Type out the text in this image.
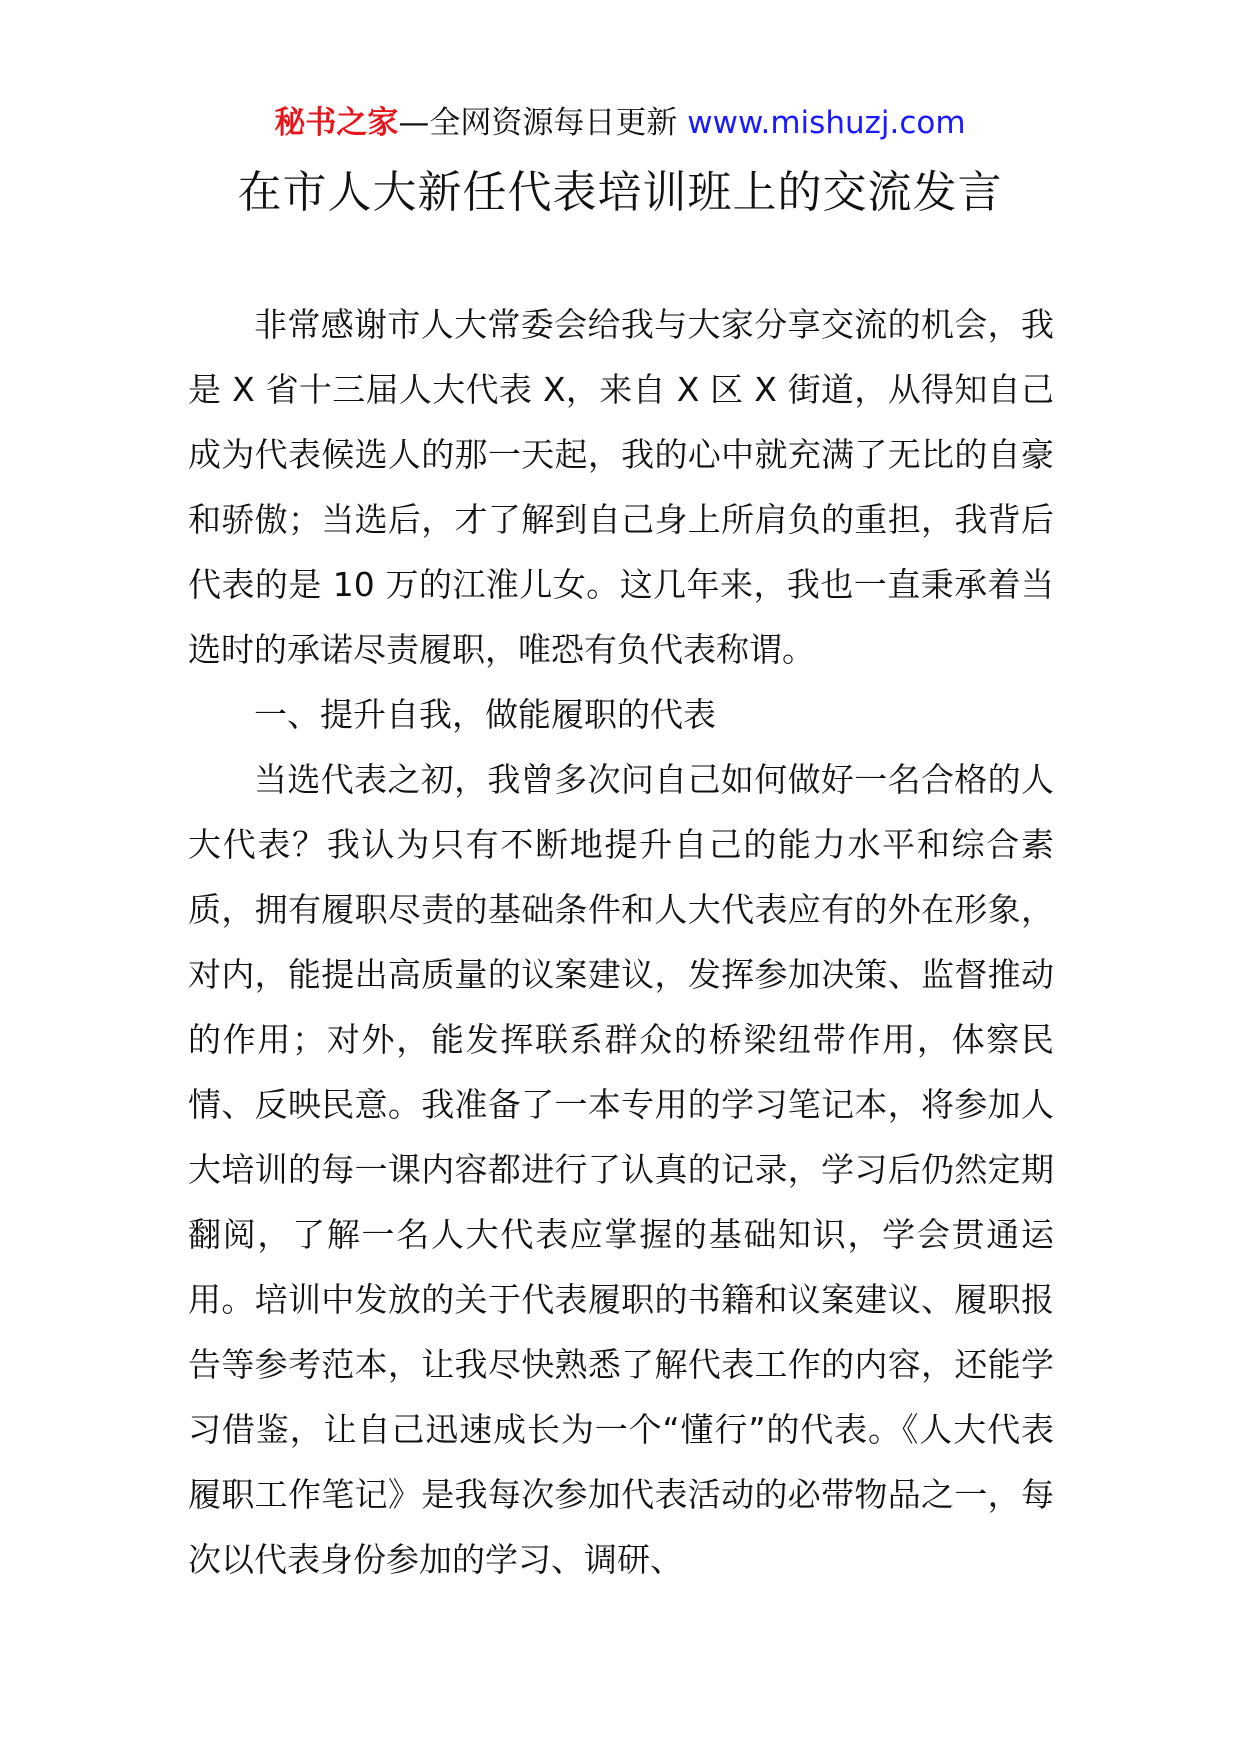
秘书之家—全网资源每日更新 www.mishuzj.com
在市人大新任代表培训班上的交流发言

非常感谢市人大常委会给我与大家分享交流的机会，我是 X 省十三届人大代表 X，来自 X 区 X 街道，从得知自己成为代表候选人的那一天起，我的心中就充满了无比的自豪和骄傲；当选后，才了解到自己身上所肩负的重担，我背后代表的是 10 万的江淮儿女。这几年来，我也一直秉承着当选时的承诺尽责履职，唯恐有负代表称谓。

一、提升自我，做能履职的代表

当选代表之初，我曾多次问自己如何做好一名合格的人大代表？我认为只有不断地提升自己的能力水平和综合素质，拥有履职尽责的基础条件和人大代表应有的外在形象，对内，能提出高质量的议案建议，发挥参加决策、监督推动的作用；对外，能发挥联系群众的桥梁纽带作用，体察民情、反映民意。我准备了一本专用的学习笔记本，将参加人大培训的每一课内容都进行了认真的记录，学习后仍然定期翻阅，了解一名人大代表应掌握的基础知识，学会贯通运用。培训中发放的关于代表履职的书籍和议案建议、履职报告等参考范本，让我尽快熟悉了解代表工作的内容，还能学习借鉴，让自己迅速成长为一个“懂行”的代表。《人大代表履职工作笔记》是我每次参加代表活动的必带物品之一，每次以代表身份参加的学习、调研、
